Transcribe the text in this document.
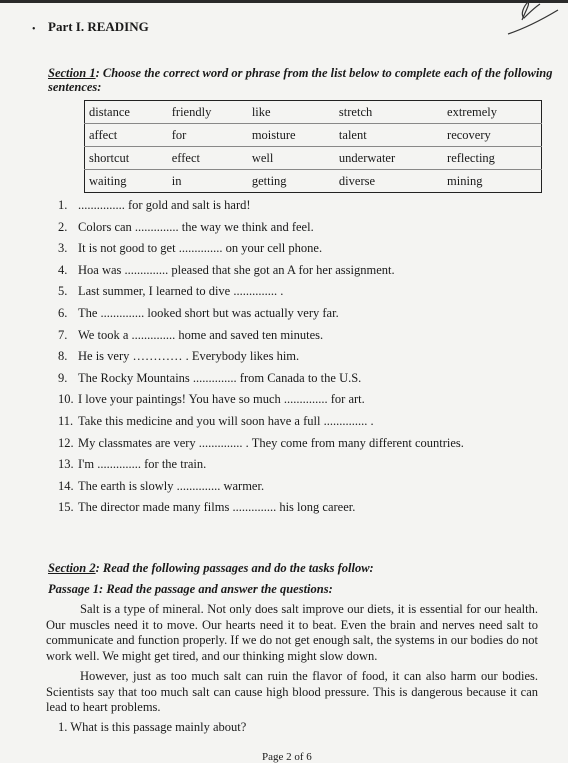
• Part I. READING
Section 1: Choose the correct word or phrase from the list below to complete each of the following sentences:
distance	friendly	like	stretch	extremely
affect	for	moisture	talent	recovery
shortcut	effect	well	underwater	reflecting
waiting	in	getting	diverse	mining
1. ............... for gold and salt is hard!
2. Colors can .............. the way we think and feel.
3. It is not good to get .............. on your cell phone.
4. Hoa was .............. pleased that she got an A for her assignment.
5. Last summer, I learned to dive .............. .
6. The .............. looked short but was actually very far.
7. We took a .............. home and saved ten minutes.
8. He is very ………… . Everybody likes him.
9. The Rocky Mountains .............. from Canada to the U.S.
10. I love your paintings! You have so much .............. for art.
11. Take this medicine and you will soon have a full .............. .
12. My classmates are very .............. . They come from many different countries.
13. I'm .............. for the train.
14. The earth is slowly .............. warmer.
15. The director made many films .............. his long career.
Section 2: Read the following passages and do the tasks follow:
Passage 1: Read the passage and answer the questions:
Salt is a type of mineral. Not only does salt improve our diets, it is essential for our health. Our muscles need it to move. Our hearts need it to beat. Even the brain and nerves need salt to communicate and function properly. If we do not get enough salt, the systems in our bodies do not work well. We might get tired, and our thinking might slow down.
However, just as too much salt can ruin the flavor of food, it can also harm our bodies. Scientists say that too much salt can cause high blood pressure. This is dangerous because it can lead to heart problems.
1. What is this passage mainly about?
Page 2 of 6
